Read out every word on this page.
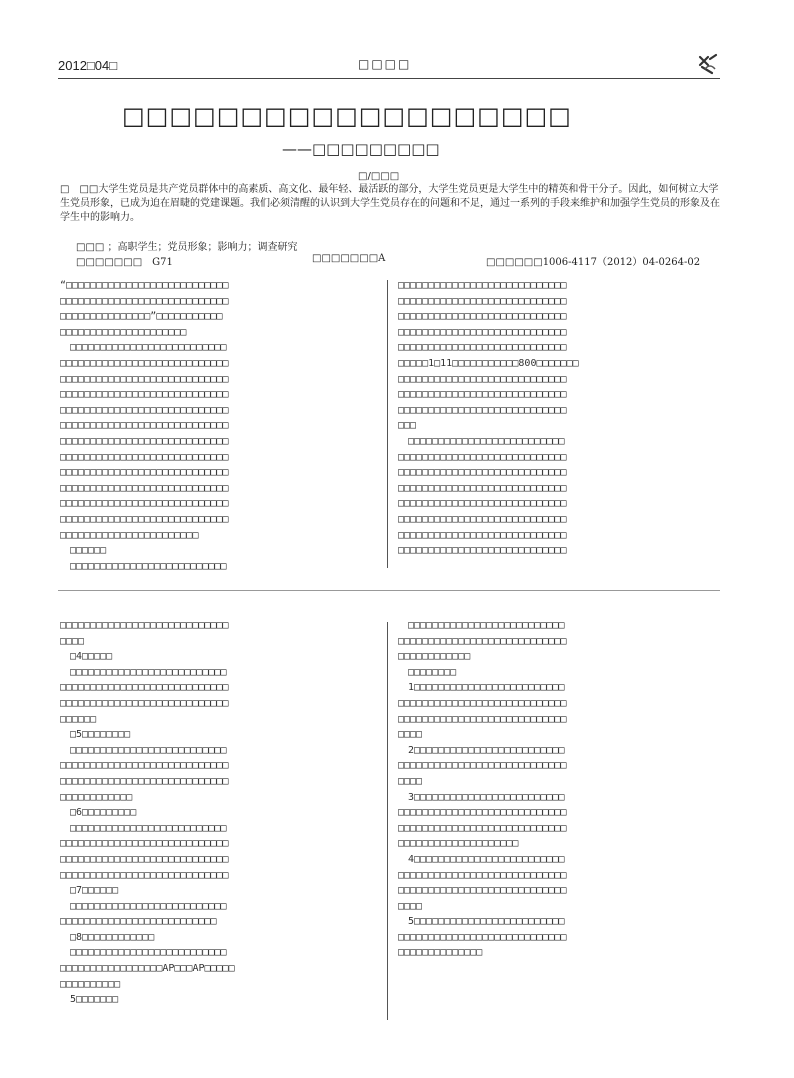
2012□04□	□□□□
□□□□□□□□□□□□□□□□□□□
——□□□□□□□□□
□/□□□
□　□□大学生党员是共产党员群体中的高素质、高文化、最年轻、最活跃的部分，大学生党员更是大学生中的精英和骨干分子。因此，如何树立大学生党员形象，已成为迫在眉睫的党建课题。我们必须清醒的认识到大学生党员存在的问题和不足，通过一系列的手段来维护和加强学生党员的形象及在学生中的影响力。
□□□ ；高职学生；党员形象；影响力；调查研究
□□□□□□□　G71	□□□□□□□A	□□□□□□1006-4117（2012）04-0264-02
“□□□□□□□□□□□□□□□□□□□□□□□□□□□
□□□□□□□□□□□□□□□□□□□□□□□□□□□□
□□□□□□□□□□□□□□□”□□□□□□□□□□□
□□□□□□□□□□□□□□□□□□□□□
　□□□□□□□□□□□□□□□□□□□□□□□□□□
□□□□□□□□□□□□□□□□□□□□□□□□□□□□
□□□□□□□□□□□□□□□□□□□□□□□□□□□□
□□□□□□□□□□□□□□□□□□□□□□□□□□□□
□□□□□□□□□□□□□□□□□□□□□□□□□□□□
□□□□□□□□□□□□□□□□□□□□□□□□□□□□
□□□□□□□□□□□□□□□□□□□□□□□□□□□□
□□□□□□□□□□□□□□□□□□□□□□□□□□□□
□□□□□□□□□□□□□□□□□□□□□□□□□□□□
□□□□□□□□□□□□□□□□□□□□□□□□□□□□
□□□□□□□□□□□□□□□□□□□□□□□□□□□□
□□□□□□□□□□□□□□□□□□□□□□□□□□□□
□□□□□□□□□□□□□□□□□□□□□□□
　□□□□□□
　□□□□□□□□□□□□□□□□□□□□□□□□□□
□□□□□□□□□□□□□□□□□□□□□□□□□□□□
□□□□□□□□□□□□□□□□□□□□□□□□□□□□
□□□□□□□□□□□□□□□□□□□□□□□□□□□□
□□□□□□□□□□□□□□□□□□□□□□□□□□□□
□□□□□□□□□□□□□□□□□□□□□□□□□□□□
□□□□□1□11□□□□□□□□□□□800□□□□□□□
□□□□□□□□□□□□□□□□□□□□□□□□□□□□
□□□□□□□□□□□□□□□□□□□□□□□□□□□□
□□□□□□□□□□□□□□□□□□□□□□□□□□□□
□□□
　□□□□□□□□□□□□□□□□□□□□□□□□□□
□□□□□□□□□□□□□□□□□□□□□□□□□□□□
□□□□□□□□□□□□□□□□□□□□□□□□□□□□
□□□□□□□□□□□□□□□□□□□□□□□□□□□□
□□□□□□□□□□□□□□□□□□□□□□□□□□□□
□□□□□□□□□□□□□□□□□□□□□□□□□□□□
□□□□□□□□□□□□□□□□□□□□□□□□□□□□
□□□□□□□□□□□□□□□□□□□□□□□□□□□□
□□□□□□□□□□□□□□□□□□□□□□□□□□□□
□□□□
　□4□□□□□
　□□□□□□□□□□□□□□□□□□□□□□□□□□
□□□□□□□□□□□□□□□□□□□□□□□□□□□□
□□□□□□□□□□□□□□□□□□□□□□□□□□□□
□□□□□□
　□5□□□□□□□□
　□□□□□□□□□□□□□□□□□□□□□□□□□□
□□□□□□□□□□□□□□□□□□□□□□□□□□□□
□□□□□□□□□□□□□□□□□□□□□□□□□□□□
□□□□□□□□□□□□
　□6□□□□□□□□□
　□□□□□□□□□□□□□□□□□□□□□□□□□□
□□□□□□□□□□□□□□□□□□□□□□□□□□□□
□□□□□□□□□□□□□□□□□□□□□□□□□□□□
□□□□□□□□□□□□□□□□□□□□□□□□□□□□
　□7□□□□□□
　□□□□□□□□□□□□□□□□□□□□□□□□□□
□□□□□□□□□□□□□□□□□□□□□□□□□□
　□8□□□□□□□□□□□□
　□□□□□□□□□□□□□□□□□□□□□□□□□□
□□□□□□□□□□□□□□□□□AP□□□AP□□□□□
□□□□□□□□□□
　5□□□□□□□
　□□□□□□□□□□□□□□□□□□□□□□□□□□
□□□□□□□□□□□□□□□□□□□□□□□□□□□□
□□□□□□□□□□□□
　□□□□□□□□
　1□□□□□□□□□□□□□□□□□□□□□□□□□
□□□□□□□□□□□□□□□□□□□□□□□□□□□□
□□□□□□□□□□□□□□□□□□□□□□□□□□□□
□□□□
　2□□□□□□□□□□□□□□□□□□□□□□□□□
□□□□□□□□□□□□□□□□□□□□□□□□□□□□
□□□□
　3□□□□□□□□□□□□□□□□□□□□□□□□□
□□□□□□□□□□□□□□□□□□□□□□□□□□□□
□□□□□□□□□□□□□□□□□□□□□□□□□□□□
□□□□□□□□□□□□□□□□□□□□
　4□□□□□□□□□□□□□□□□□□□□□□□□□
□□□□□□□□□□□□□□□□□□□□□□□□□□□□
□□□□□□□□□□□□□□□□□□□□□□□□□□□□
□□□□
　5□□□□□□□□□□□□□□□□□□□□□□□□□
□□□□□□□□□□□□□□□□□□□□□□□□□□□□
□□□□□□□□□□□□□□
